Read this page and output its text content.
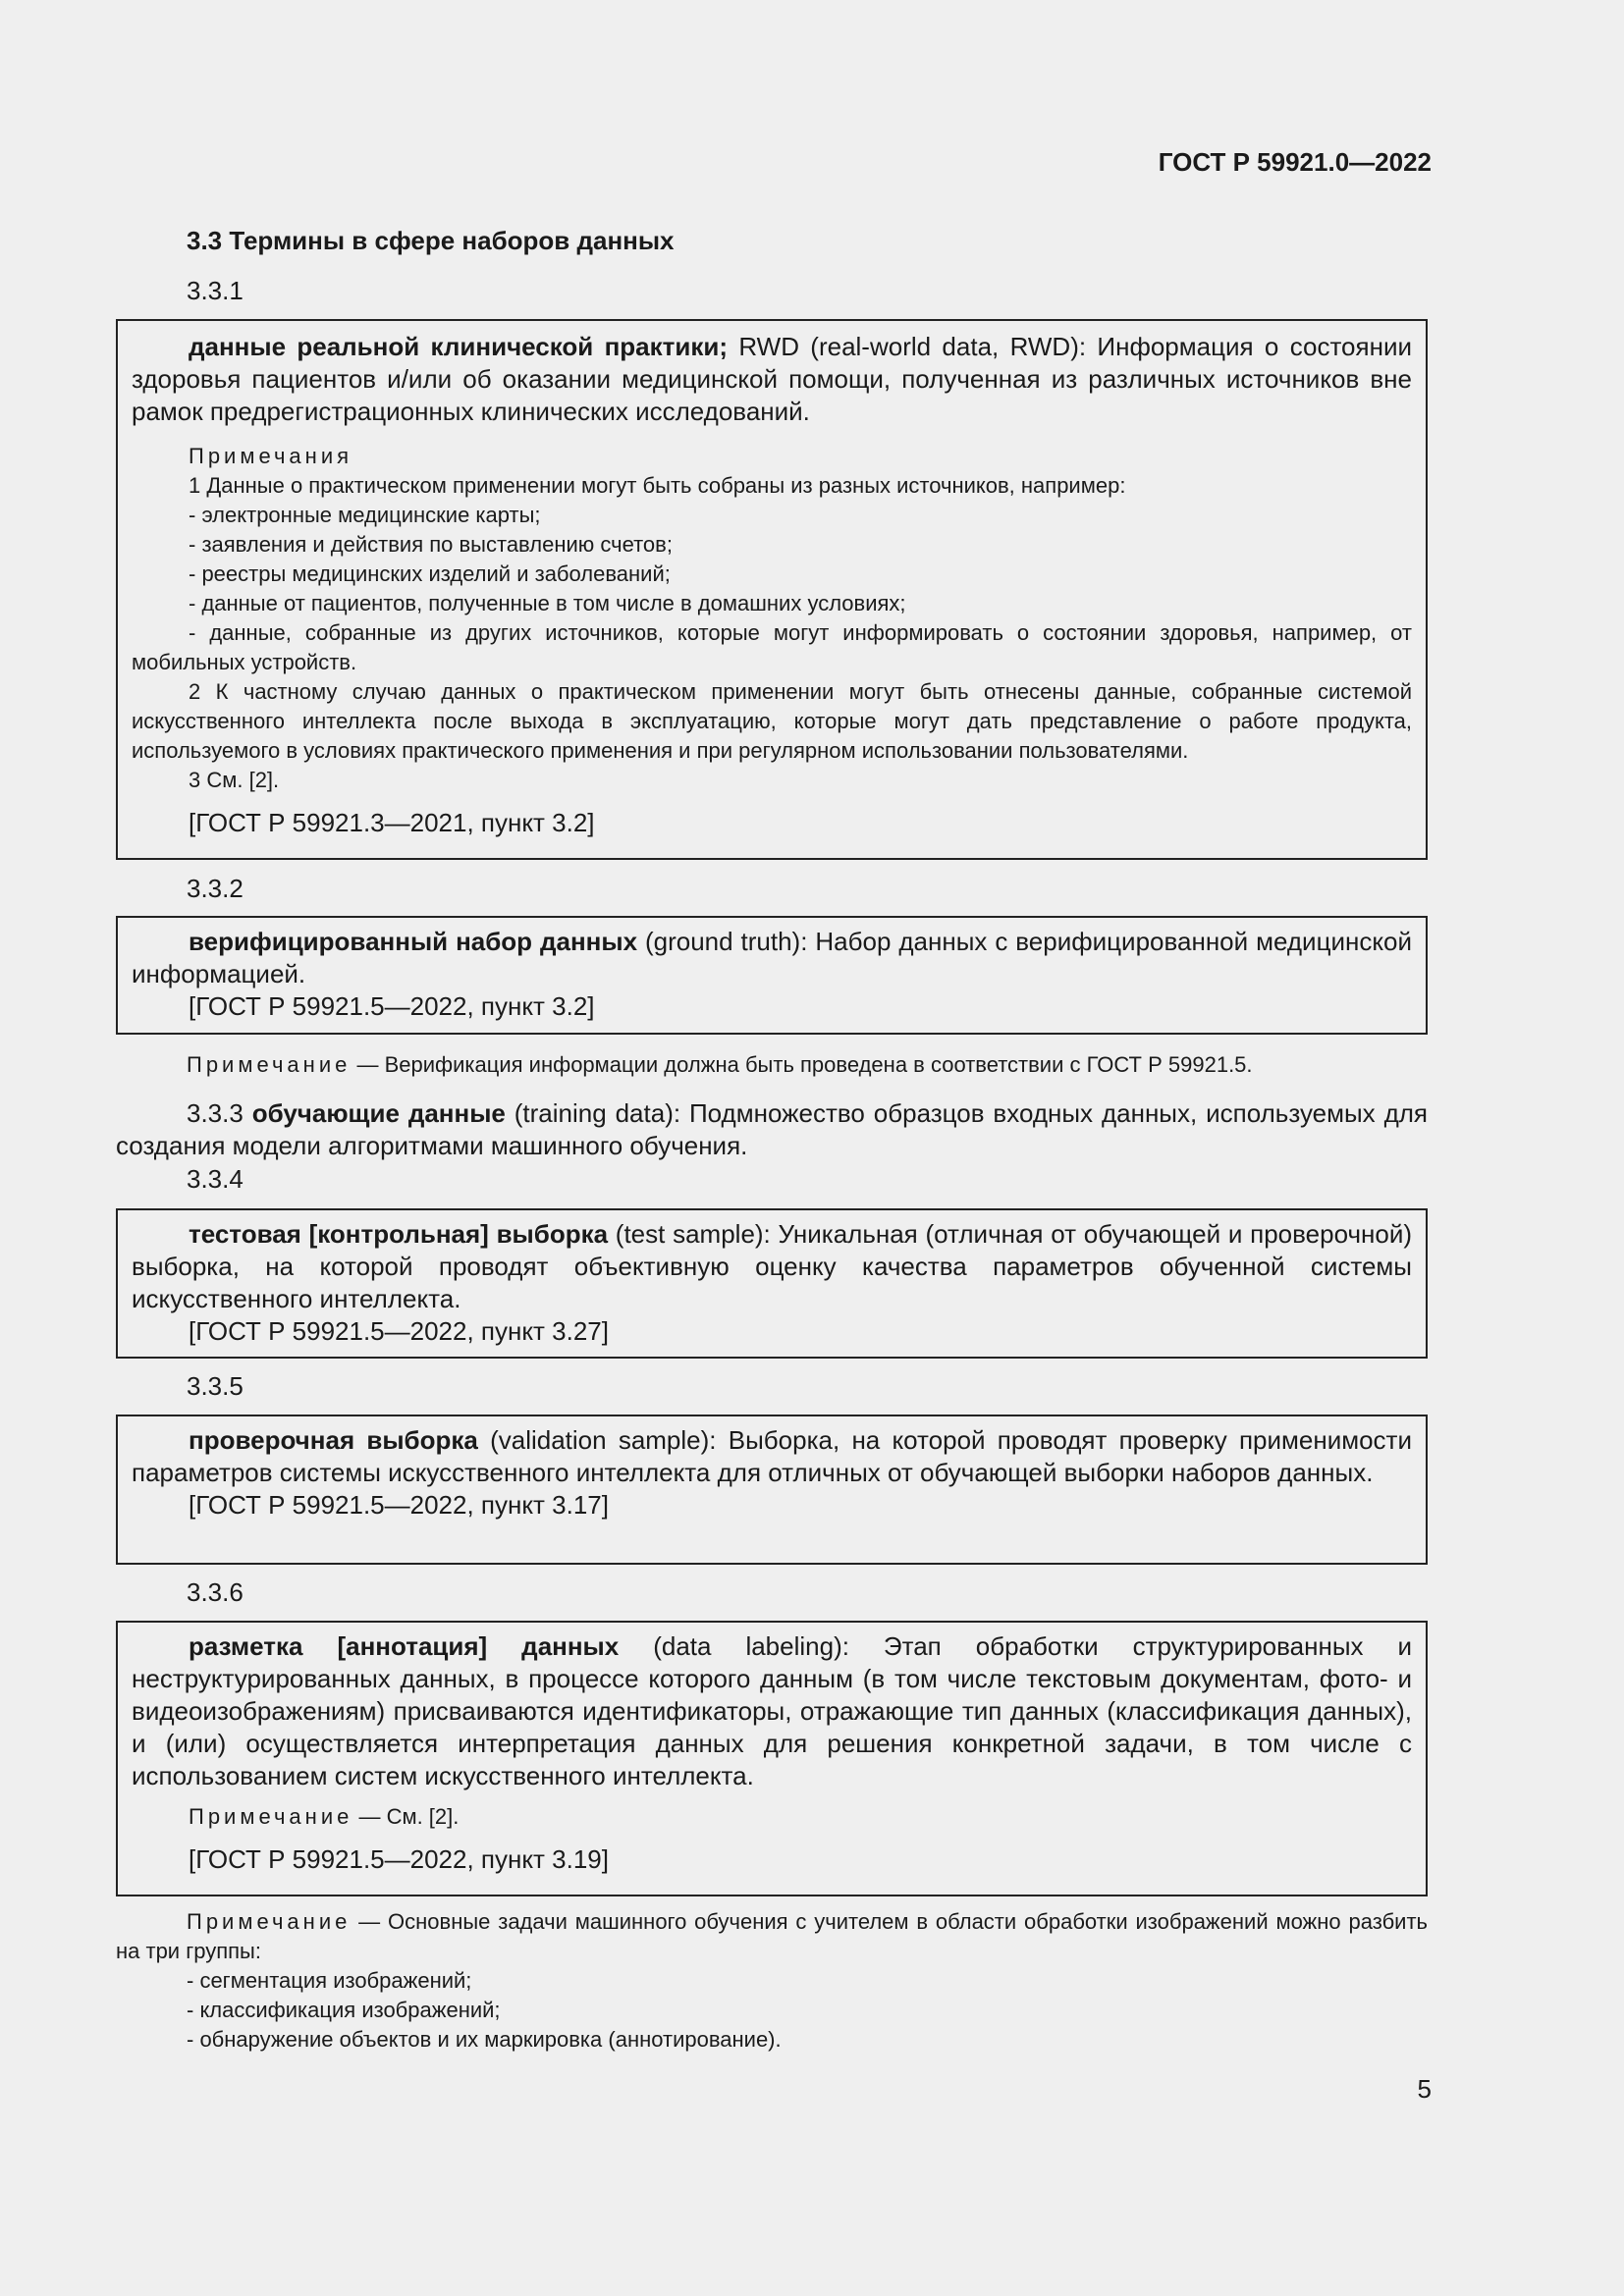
ГОСТ Р 59921.0—2022
3.3 Термины в сфере наборов данных
3.3.1

данные реальной клинической практики; RWD (real-world data, RWD): Информация о состоянии здоровья пациентов и/или об оказании медицинской помощи, полученная из различных источников вне рамок предрегистрационных клинических исследований.

Примечания

1 Данные о практическом применении могут быть собраны из разных источников, например:

- электронные медицинские карты;

- заявления и действия по выставлению счетов;

- реестры медицинских изделий и заболеваний;

- данные от пациентов, полученные в том числе в домашних условиях;

- данные, собранные из других источников, которые могут информировать о состоянии здоровья, например, от мобильных устройств.

2 К частному случаю данных о практическом применении могут быть отнесены данные, собранные системой искусственного интеллекта после выхода в эксплуатацию, которые могут дать представление о работе продукта, используемого в условиях практического применения и при регулярном использовании пользователями.

3 См. [2].

[ГОСТ Р 59921.3—2021, пункт 3.2]

3.3.2

верифицированный набор данных (ground truth): Набор данных с верифицированной медицинской информацией.

[ГОСТ Р 59921.5—2022, пункт 3.2]

Примечание — Верификация информации должна быть проведена в соответствии с ГОСТ Р 59921.5.

3.3.3 обучающие данные (training data): Подмножество образцов входных данных, используемых для создания модели алгоритмами машинного обучения.

3.3.4

тестовая [контрольная] выборка (test sample): Уникальная (отличная от обучающей и проверочной) выборка, на которой проводят объективную оценку качества параметров обученной системы искусственного интеллекта.

[ГОСТ Р 59921.5—2022, пункт 3.27]

3.3.5

проверочная выборка (validation sample): Выборка, на которой проводят проверку применимости параметров системы искусственного интеллекта для отличных от обучающей выборки наборов данных.

[ГОСТ Р 59921.5—2022, пункт 3.17]

3.3.6

разметка [аннотация] данных (data labeling): Этап обработки структурированных и неструктурированных данных, в процессе которого данным (в том числе текстовым документам, фото- и видеоизображениям) присваиваются идентификаторы, отражающие тип данных (классификация данных), и (или) осуществляется интерпретация данных для решения конкретной задачи, в том числе с использованием систем искусственного интеллекта.

Примечание — См. [2].

[ГОСТ Р 59921.5—2022, пункт 3.19]

Примечание — Основные задачи машинного обучения с учителем в области обработки изображений можно разбить на три группы:

- сегментация изображений;

- классификация изображений;

- обнаружение объектов и их маркировка (аннотирование).

5
